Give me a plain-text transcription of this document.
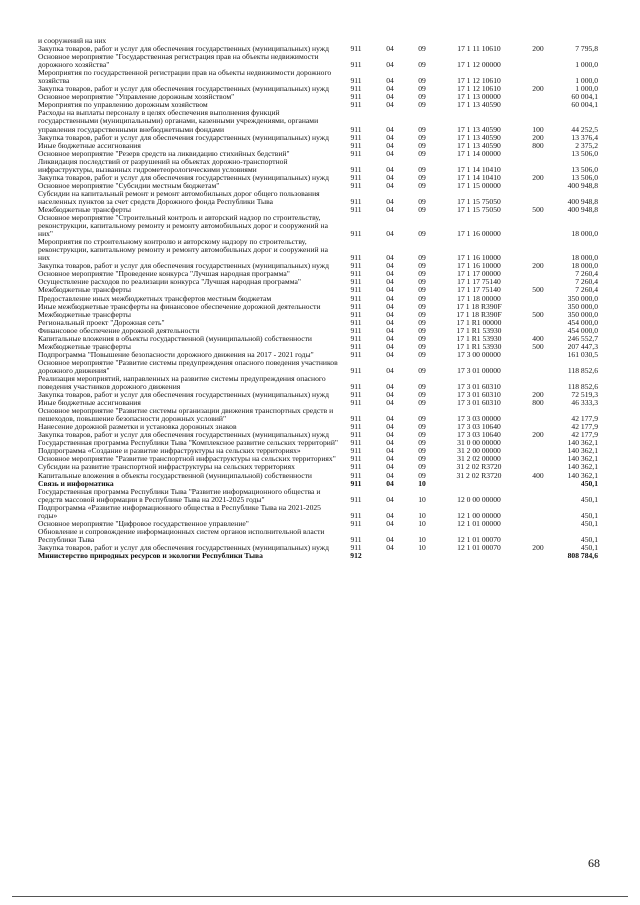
и сооружений на них						
Закупка товаров, работ и услуг для обеспечения государственных (муниципальных) нужд	911	04	09	17 1 11 10610	200	7 795,8
Основное мероприятие "Государственная регистрация прав на объекты недвижимости дорожного хозяйства"	911	04	09	17 1 12 00000		1 000,0
Мероприятия по государственной регистрации прав на объекты недвижимости дорожного хозяйства	911	04	09	17 1 12 10610		1 000,0
Закупка товаров, работ и услуг для обеспечения государственных (муниципальных) нужд	911	04	09	17 1 12 10610	200	1 000,0
Основное мероприятие "Управление дорожным хозяйством"	911	04	09	17 1 13 00000		60 004,1
Мероприятия по управлению дорожным хозяйством	911	04	09	17 1 13 40590		60 004,1
Расходы на выплаты персоналу в целях обеспечения выполнения функций государственными (муниципальными) органами, казенными учреждениями, органами управления государственными внебюджетными фондами	911	04	09	17 1 13 40590	100	44 252,5
Закупка товаров, работ и услуг для обеспечения государственных (муниципальных) нужд	911	04	09	17 1 13 40590	200	13 376,4
Иные бюджетные ассигнования	911	04	09	17 1 13 40590	800	2 375,2
Основное мероприятие "Резерв средств на ликвидацию стихийных бедствий"	911	04	09	17 1 14 00000		13 506,0
Ликвидация последствий от разрушений на объектах дорожно-транспортной инфраструктуры, вызванных гидрометеорологическими условиями	911	04	09	17 1 14 10410		13 506,0
Закупка товаров, работ и услуг для обеспечения государственных (муниципальных) нужд	911	04	09	17 1 14 10410	200	13 506,0
Основное мероприятие "Субсидии местным бюджетам"	911	04	09	17 1 15 00000		400 948,8
Субсидии на капитальный ремонт и ремонт автомобильных дорог общего пользования населенных пунктов за счет средств Дорожного фонда Республики Тыва	911	04	09	17 1 15 75050		400 948,8
Межбюджетные трансферты	911	04	09	17 1 15 75050	500	400 948,8
Основное мероприятие "Строительный контроль и авторский надзор по строительству, реконструкции, капитальному ремонту и ремонту автомобильных дорог и сооружений на них"	911	04	09	17 1 16 00000		18 000,0
Мероприятия по строительному контролю и авторскому надзору по строительству, реконструкции, капитальному ремонту и ремонту автомобильных дорог и сооружений на них	911	04	09	17 1 16 10000		18 000,0
Закупка товаров, работ и услуг для обеспечения государственных (муниципальных) нужд	911	04	09	17 1 16 10000	200	18 000,0
Основное мероприятие "Проведение конкурса "Лучшая народная программа"	911	04	09	17 1 17 00000		7 260,4
Осуществление расходов по реализации конкурса "Лучшая народная программа"	911	04	09	17 1 17 75140		7 260,4
Межбюджетные трансферты	911	04	09	17 1 17 75140	500	7 260,4
Предоставление иных межбюджетных трансфертов местным бюджетам	911	04	09	17 1 18 00000		350 000,0
Иные межбюджетные трансферты на финансовое обеспечение дорожной деятельности	911	04	09	17 1 18 R390F		350 000,0
Межбюджетные трансферты	911	04	09	17 1 18 R390F	500	350 000,0
Региональный проект "Дорожная сеть"	911	04	09	17 1 R1 00000		454 000,0
Финансовое обеспечение дорожной деятельности	911	04	09	17 1 R1 53930		454 000,0
Капитальные вложения в объекты государственной (муниципальной) собственности	911	04	09	17 1 R1 53930	400	246 552,7
Межбюджетные трансферты	911	04	09	17 1 R1 53930	500	207 447,3
Подпрограмма "Повышение безопасности дорожного движения на 2017 - 2021 годы"	911	04	09	17 3 00 00000		161 030,5
Основное мероприятие "Развитие системы предупреждения опасного поведения участников дорожного движения"	911	04	09	17 3 01 00000		118 852,6
Реализация мероприятий, направленных на развитие системы предупреждения опасного поведения участников дорожного движения	911	04	09	17 3 01 60310		118 852,6
Закупка товаров, работ и услуг для обеспечения государственных (муниципальных) нужд	911	04	09	17 3 01 60310	200	72 519,3
Иные бюджетные ассигнования	911	04	09	17 3 01 60310	800	46 333,3
Основное мероприятие "Развитие системы организации движения транспортных средств и пешеходов, повышение безопасности дорожных условий"	911	04	09	17 3 03 00000		42 177,9
Нанесение дорожной разметки и установка дорожных знаков	911	04	09	17 3 03 10640		42 177,9
Закупка товаров, работ и услуг для обеспечения государственных (муниципальных) нужд	911	04	09	17 3 03 10640	200	42 177,9
Государственная программа Республики Тыва "Комплексное развитие сельских территорий"	911	04	09	31 0 00 00000		140 362,1
Подпрограмма «Создание и развитие инфраструктуры на сельских территориях»	911	04	09	31 2 00 00000		140 362,1
Основное мероприятие "Развитие транспортной инфраструктуры на сельских территориях"	911	04	09	31 2 02 00000		140 362,1
Субсидии на развитие транспортной инфраструктуры на сельских территориях	911	04	09	31 2 02 R3720		140 362,1
Капитальные вложения в объекты государственной (муниципальной) собственности	911	04	09	31 2 02 R3720	400	140 362,1
Связь и информатика	911	04	10			450,1
Государственная программа Республики Тыва "Развитие информационного общества и средств массовой информации в Республике Тыва на 2021-2025 годы"	911	04	10	12 0 00 00000		450,1
Подпрограмма «Развитие информационного общества в Республике Тыва на 2021-2025 годы»	911	04	10	12 1 00 00000		450,1
Основное мероприятие "Цифровое государственное управление"	911	04	10	12 1 01 00000		450,1
Обновление и сопровождение информационных систем органов исполнительной власти Республики Тыва	911	04	10	12 1 01 00070		450,1
Закупка товаров, работ и услуг для обеспечения государственных (муниципальных) нужд	911	04	10	12 1 01 00070	200	450,1
Министерство природных ресурсов и экологии Республики Тыва	912					808 784,6
68
